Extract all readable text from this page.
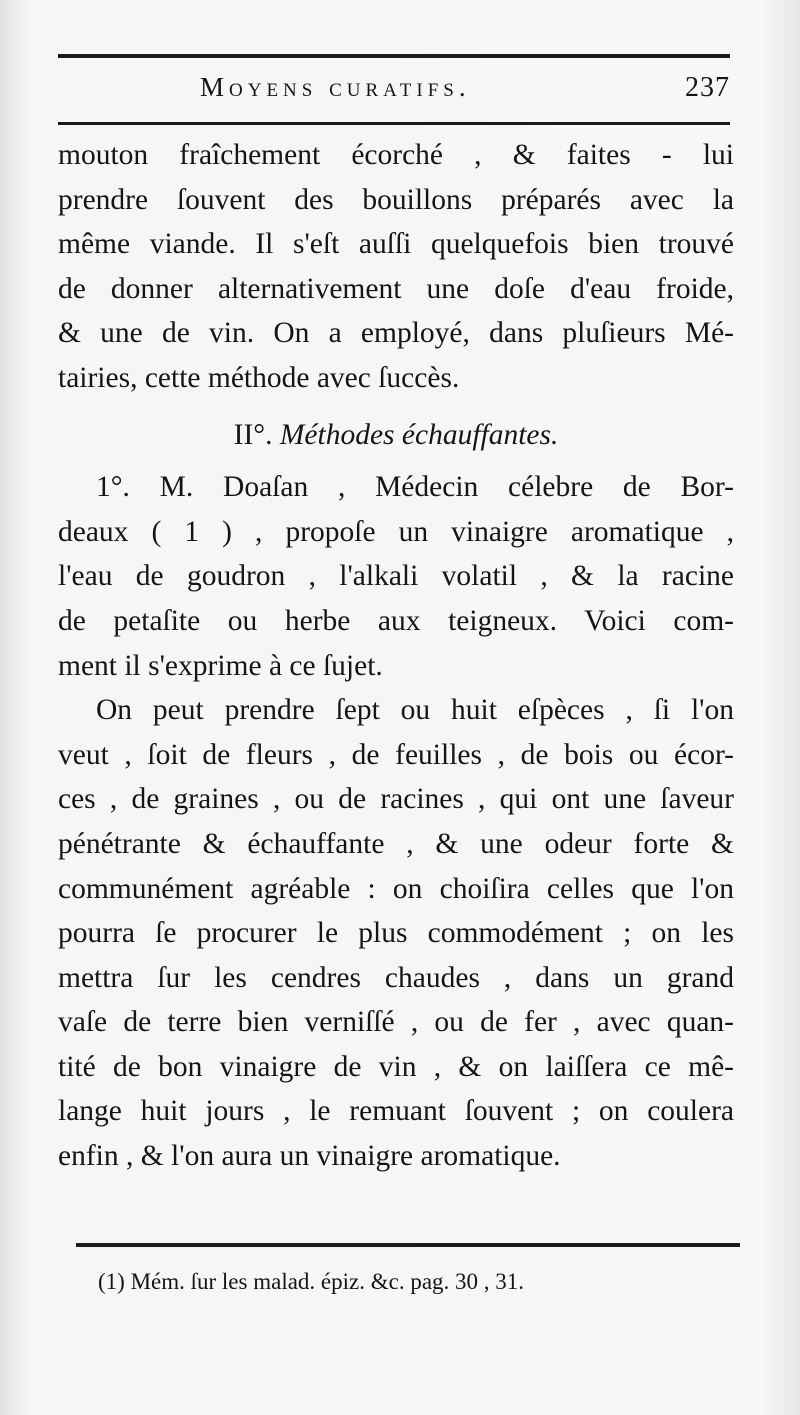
Moyens curatifs.	237
mouton fraîchement écorché , & faites - lui
prendre ſouvent des bouillons préparés avec la
même viande. Il s'eſt auſſi quelquefois bien trouvé
de donner alternativement une doſe d'eau froide,
& une de vin. On a employé, dans pluſieurs Mé-
tairies, cette méthode avec ſuccès.
II°. Méthodes échauffantes.
1°. M. Doaſan , Médecin célebre de Bor-
deaux ( 1 ) , propoſe un vinaigre aromatique ,
l'eau de goudron , l'alkali volatil , & la racine
de petaſite ou herbe aux teigneux. Voici com-
ment il s'exprime à ce ſujet.
On peut prendre ſept ou huit eſpèces , ſi l'on
veut , ſoit de fleurs , de feuilles , de bois ou écor-
ces , de graines , ou de racines , qui ont une ſaveur
pénétrante & échauffante , & une odeur forte &
communément agréable : on choiſira celles que l'on
pourra ſe procurer le plus commodément ; on les
mettra ſur les cendres chaudes , dans un grand
vaſe de terre bien verniſſé , ou de fer , avec quan-
tité de bon vinaigre de vin , & on laiſſera ce mê-
lange huit jours , le remuant ſouvent ; on coulera
enfin , & l'on aura un vinaigre aromatique.
(1) Mém. ſur les malad. épiz. &c. pag. 30 , 31.
